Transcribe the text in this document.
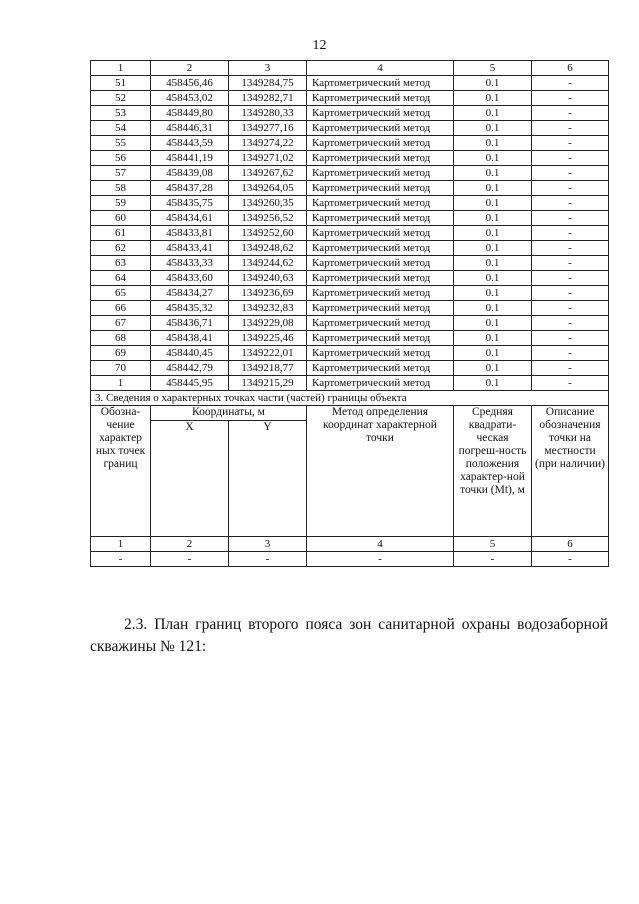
12
1	2	3	4	5	6
51	458456,46	1349284,75	Картометрический метод	0.1	-
52	458453,02	1349282,71	Картометрический метод	0.1	-
53	458449,80	1349280,33	Картометрический метод	0.1	-
54	458446,31	1349277,16	Картометрический метод	0.1	-
55	458443,59	1349274,22	Картометрический метод	0.1	-
56	458441,19	1349271,02	Картометрический метод	0.1	-
57	458439,08	1349267,62	Картометрический метод	0.1	-
58	458437,28	1349264,05	Картометрический метод	0.1	-
59	458435,75	1349260,35	Картометрический метод	0.1	-
60	458434,61	1349256,52	Картометрический метод	0.1	-
61	458433,81	1349252,60	Картометрический метод	0.1	-
62	458433,41	1349248,62	Картометрический метод	0.1	-
63	458433,33	1349244,62	Картометрический метод	0.1	-
64	458433,60	1349240,63	Картометрический метод	0.1	-
65	458434,27	1349236,69	Картометрический метод	0.1	-
66	458435,32	1349232,83	Картометрический метод	0.1	-
67	458436,71	1349229,08	Картометрический метод	0.1	-
68	458438,41	1349225,46	Картометрический метод	0.1	-
69	458440,45	1349222,01	Картометрический метод	0.1	-
70	458442,79	1349218,77	Картометрический метод	0.1	-
1	458445,95	1349215,29	Картометрический метод	0.1	-
3. Сведения о характерных точках части (частей) границы объекта					
Обозна-чение характер ных точек границ	Координаты, м		Метод определения координат характерной точки	Средняя квадрати-ческая погреш-ность положения характер-ной точки (Mt), м	Описание обозначения точки на местности (при наличии)
	X	Y			
1	2	3	4	5	6
-	-	-	-	-	-
2.3. План границ второго пояса зон санитарной охраны водозаборной
скважины № 121:
